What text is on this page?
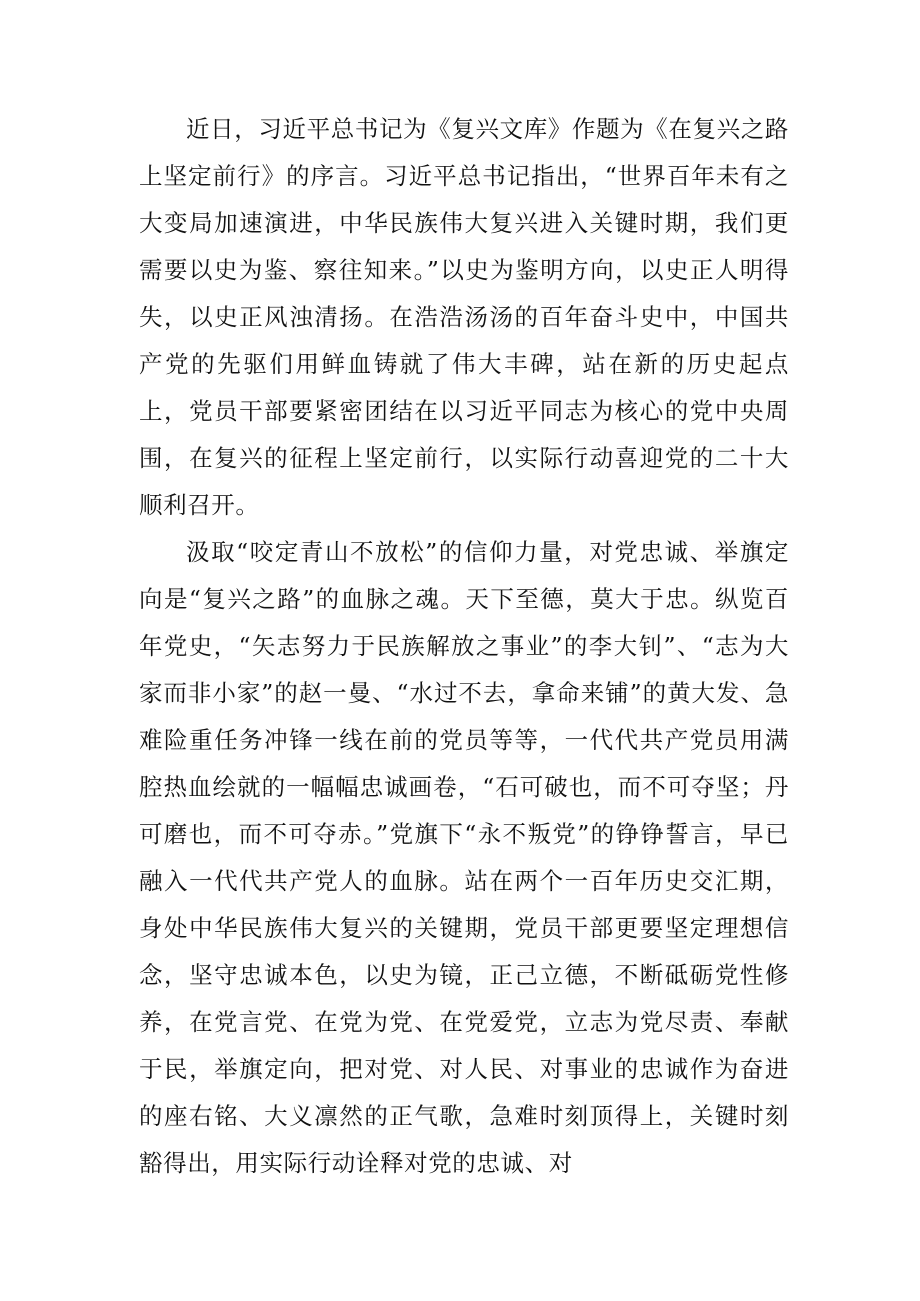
近日，习近平总书记为《复兴文库》作题为《在复兴之路上坚定前行》的序言。习近平总书记指出，“世界百年未有之大变局加速演进，中华民族伟大复兴进入关键时期，我们更需要以史为鉴、察往知来。”以史为鉴明方向，以史正人明得失，以史正风浊清扬。在浩浩汤汤的百年奋斗史中，中国共产党的先驱们用鲜血铸就了伟大丰碑，站在新的历史起点上，党员干部要紧密团结在以习近平同志为核心的党中央周围，在复兴的征程上坚定前行，以实际行动喜迎党的二十大顺利召开。

汲取“咬定青山不放松”的信仰力量，对党忠诚、举旗定向是“复兴之路”的血脉之魂。天下至德，莫大于忠。纵览百年党史，“矢志努力于民族解放之事业”的李大钊”、“志为大家而非小家”的赵一曼、“水过不去，拿命来铺”的黄大发、急难险重任务冲锋一线在前的党员等等，一代代共产党员用满腔热血绘就的一幅幅忠诚画卷，“石可破也，而不可夺坚；丹可磨也，而不可夺赤。”党旗下“永不叛党”的铮铮誓言，早已融入一代代共产党人的血脉。站在两个一百年历史交汇期，身处中华民族伟大复兴的关键期，党员干部更要坚定理想信念，坚守忠诚本色，以史为镜，正己立德，不断砥砺党性修养，在党言党、在党为党、在党爱党，立志为党尽责、奉献于民，举旗定向，把对党、对人民、对事业的忠诚作为奋进的座右铭、大义凛然的正气歌，急难时刻顶得上，关键时刻豁得出，用实际行动诠释对党的忠诚、对
